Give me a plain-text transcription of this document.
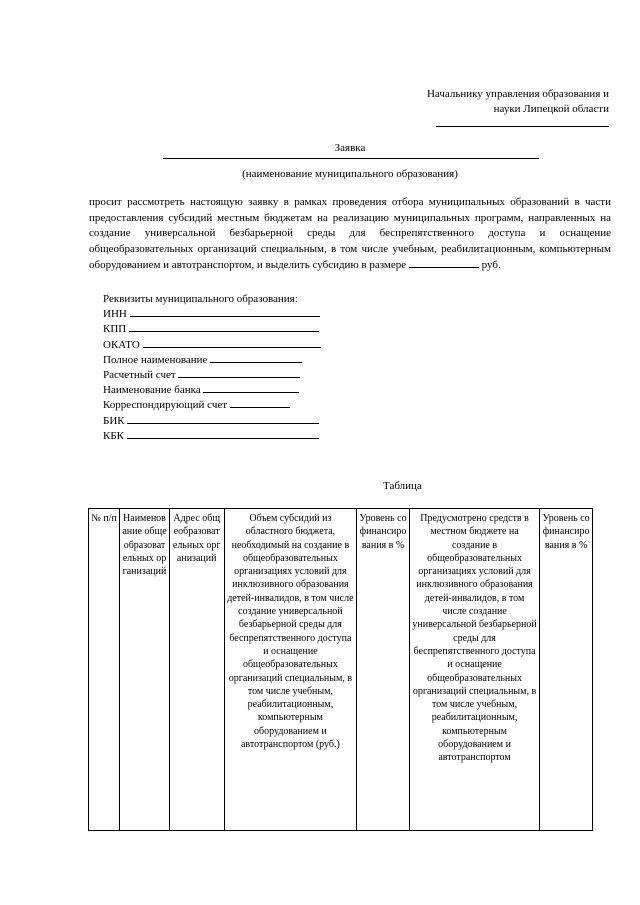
Начальнику управления образования и
науки Липецкой области
Заявка
(наименование муниципального образования)
просит рассмотреть настоящую заявку в рамках проведения отбора муниципальных образований в части предоставления субсидий местным бюджетам на реализацию муниципальных программ, направленных на создание универсальной безбарьерной среды для беспрепятственного доступа и оснащение общеобразовательных организаций специальным, в том числе учебным, реабилитационным, компьютерным оборудованием и автотранспортом, и выделить субсидию в размере	руб.
Реквизиты муниципального образования:
ИНН
КПП
ОКАТО
Полное наименование
Расчетный счет
Наименование банка
Корреспондирующий счет
БИК
КБК
Таблица
№ п/п	Наименование общеобразовательных организаций	Адрес общеобразовательных организаций	Объем субсидий из областного бюджета, необходимый на создание в общеобразовательных организациях условий для инклюзивного образования детей-инвалидов, в том числе создание универсальной безбарьерной среды для беспрепятственного доступа и оснащение общеобразовательных организаций специальным, в том числе учебным, реабилитационным, компьютерным оборудованием и автотранспортом (руб.)	Уровень софинансирования в %	Предусмотрено средств в местном бюджете на создание в общеобразовательных организациях условий для инклюзивного образования детей-инвалидов, в том числе создание универсальной безбарьерной среды для беспрепятственного доступа и оснащение общеобразовательных организаций специальным, в том числе учебным, реабилитационным, компьютерным оборудованием и автотранспортом	Уровень софинансирования в %
